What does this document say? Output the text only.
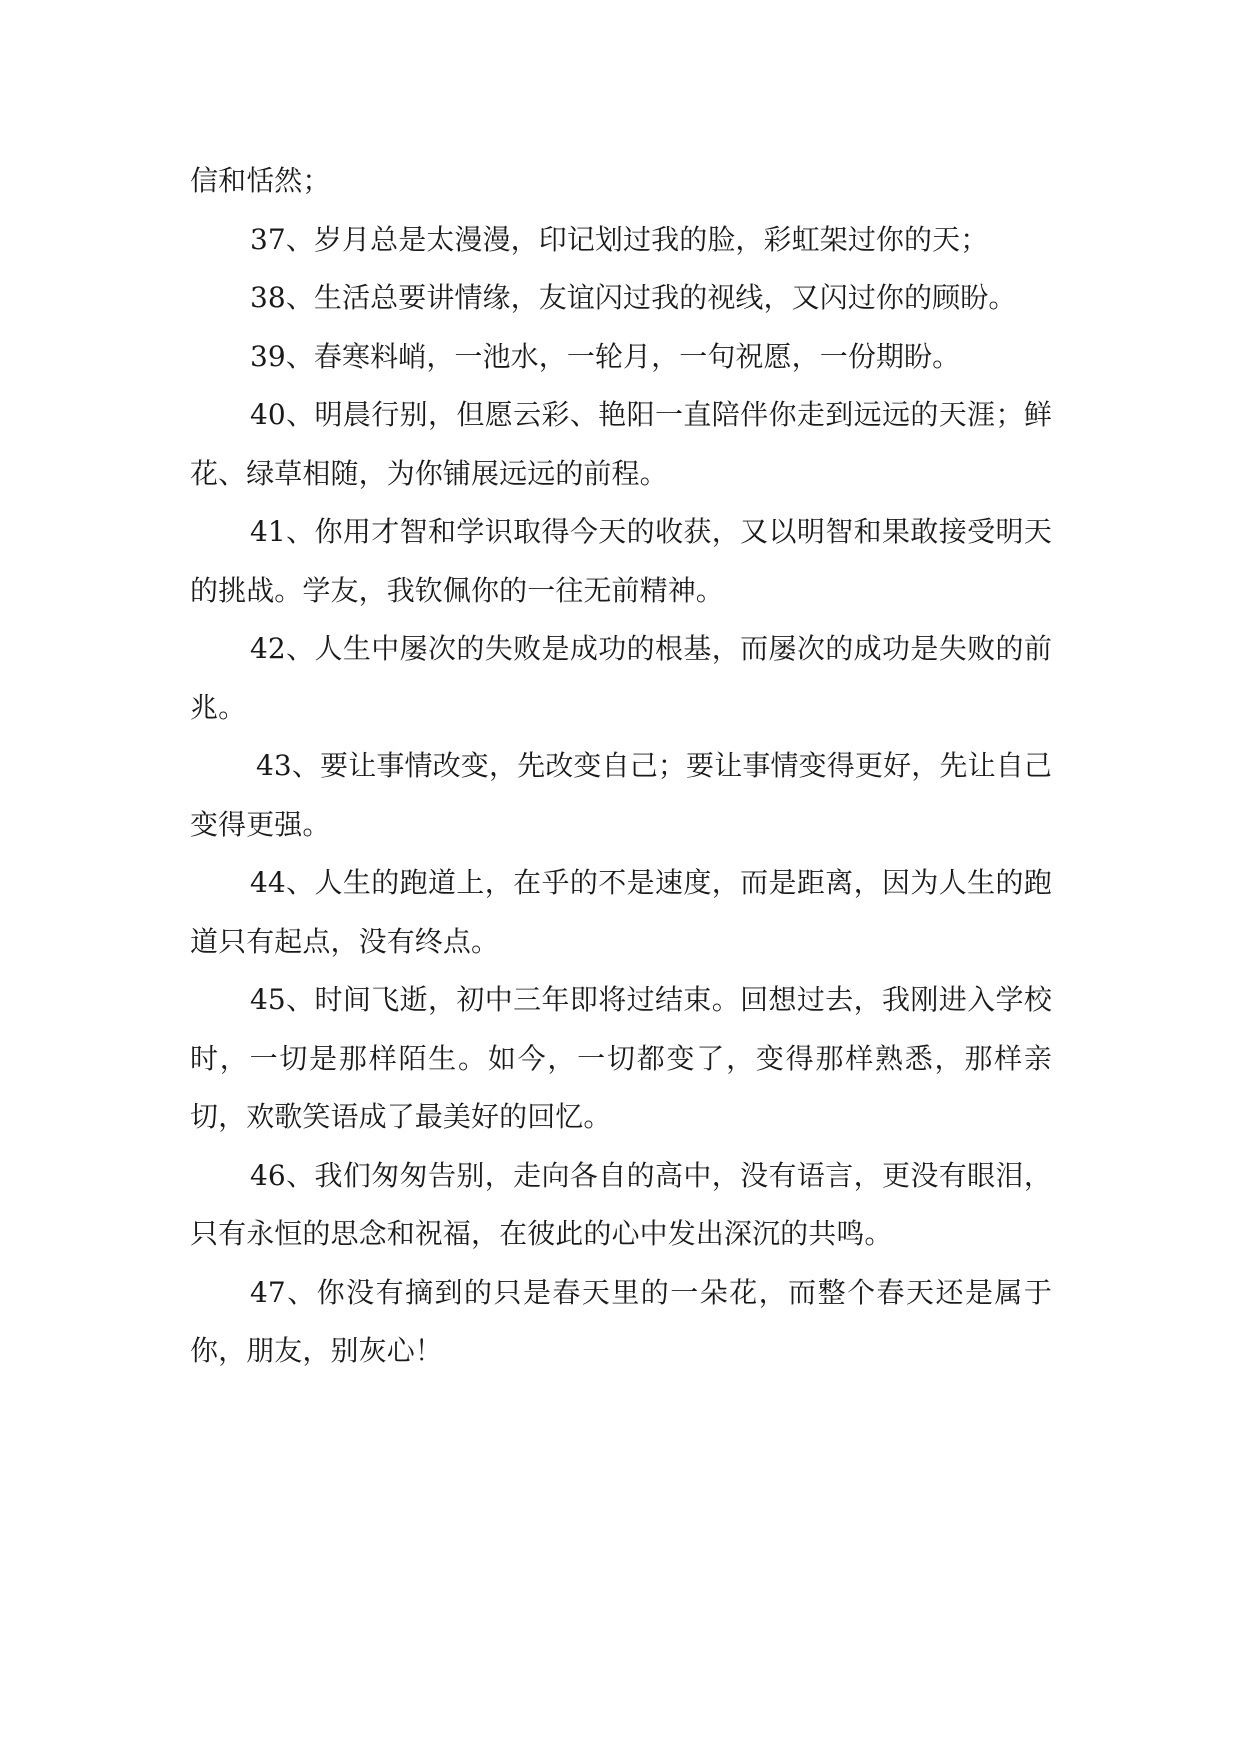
信和恬然；

37、岁月总是太漫漫，印记划过我的脸，彩虹架过你的天；

38、生活总要讲情缘，友谊闪过我的视线，又闪过你的顾盼。

39、春寒料峭，一池水，一轮月，一句祝愿，一份期盼。

40、明晨行别，但愿云彩、艳阳一直陪伴你走到远远的天涯；鲜花、绿草相随，为你铺展远远的前程。

41、你用才智和学识取得今天的收获，又以明智和果敢接受明天的挑战。学友，我钦佩你的一往无前精神。

42、人生中屡次的失败是成功的根基，而屡次的成功是失败的前兆。

43、要让事情改变，先改变自己；要让事情变得更好，先让自己变得更强。

44、人生的跑道上，在乎的不是速度，而是距离，因为人生的跑道只有起点，没有终点。

45、时间飞逝，初中三年即将过结束。回想过去，我刚进入学校时，一切是那样陌生。如今，一切都变了，变得那样熟悉，那样亲切，欢歌笑语成了最美好的回忆。

46、我们匆匆告别，走向各自的高中，没有语言，更没有眼泪，只有永恒的思念和祝福，在彼此的心中发出深沉的共鸣。

47、你没有摘到的只是春天里的一朵花，而整个春天还是属于你，朋友，别灰心！
